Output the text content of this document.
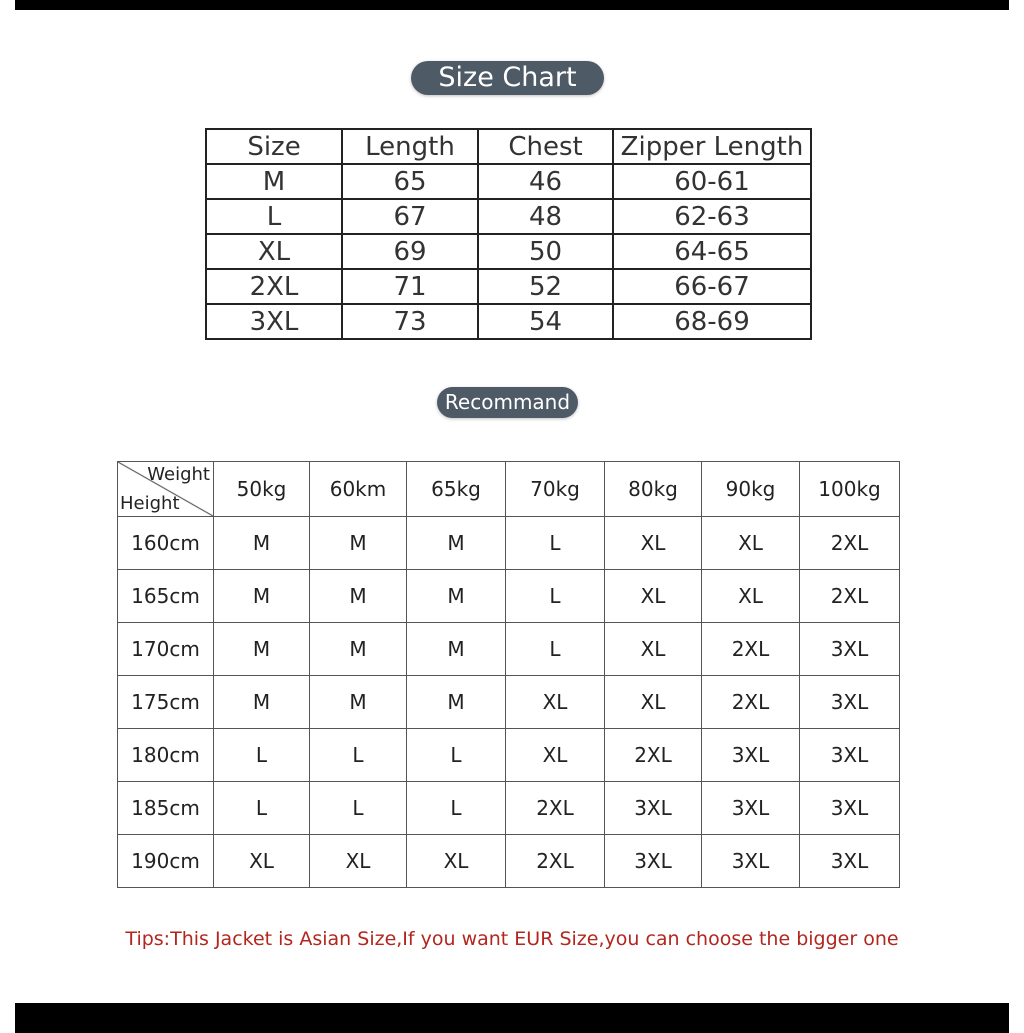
Size Chart
Size	Length	Chest	Zipper Length
M	65	46	60-61
L	67	48	62-63
XL	69	50	64-65
2XL	71	52	66-67
3XL	73	54	68-69
Recommand
Weight
Height	50kg	60km	65kg	70kg	80kg	90kg	100kg
160cm	M	M	M	L	XL	XL	2XL
165cm	M	M	M	L	XL	XL	2XL
170cm	M	M	M	L	XL	2XL	3XL
175cm	M	M	M	XL	XL	2XL	3XL
180cm	L	L	L	XL	2XL	3XL	3XL
185cm	L	L	L	2XL	3XL	3XL	3XL
190cm	XL	XL	XL	2XL	3XL	3XL	3XL
Tips:This Jacket is Asian Size,If you want EUR Size,you can choose the bigger one
